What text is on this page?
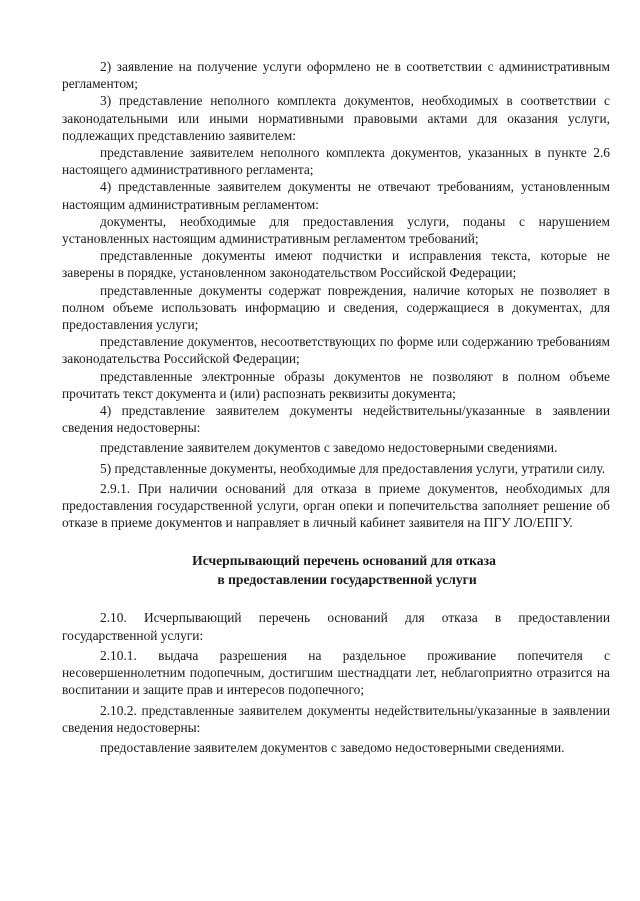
2) заявление на получение услуги оформлено не в соответствии с административным регламентом;

3) представление неполного комплекта документов, необходимых в соответствии с законодательными или иными нормативными правовыми актами для оказания услуги, подлежащих представлению заявителем:

представление заявителем неполного комплекта документов, указанных в пункте 2.6 настоящего административного регламента;

4) представленные заявителем документы не отвечают требованиям, установленным настоящим административным регламентом:

документы, необходимые для предоставления услуги, поданы с нарушением установленных настоящим административным регламентом требований;

представленные документы имеют подчистки и исправления текста, которые не заверены в порядке, установленном законодательством Российской Федерации;

представленные документы содержат повреждения, наличие которых не позволяет в полном объеме использовать информацию и сведения, содержащиеся в документах, для предоставления услуги;

представление документов, несоответствующих по форме или содержанию требованиям законодательства Российской Федерации;

представленные электронные образы документов не позволяют в полном объеме прочитать текст документа и (или) распознать реквизиты документа;

4) представление заявителем документы недействительны/указанные в заявлении сведения недостоверны:

представление заявителем документов с заведомо недостоверными сведениями.

5) представленные документы, необходимые для предоставления услуги, утратили силу.

2.9.1. При наличии оснований для отказа в приеме документов, необходимых для предоставления государственной услуги, орган опеки и попечительства заполняет решение об отказе в приеме документов и направляет в личный кабинет заявителя на ПГУ ЛО/ЕПГУ.

Исчерпывающий перечень оснований для отказа
в предоставлении государственной услуги

2.10. Исчерпывающий перечень оснований для отказа в предоставлении государственной услуги:

2.10.1. выдача разрешения на раздельное проживание попечителя с несовершеннолетним подопечным, достигшим шестнадцати лет, неблагоприятно отразится на воспитании и защите прав и интересов подопечного;

2.10.2. представленные заявителем документы недействительны/указанные в заявлении сведения недостоверны:

предоставление заявителем документов с заведомо недостоверными сведениями.
